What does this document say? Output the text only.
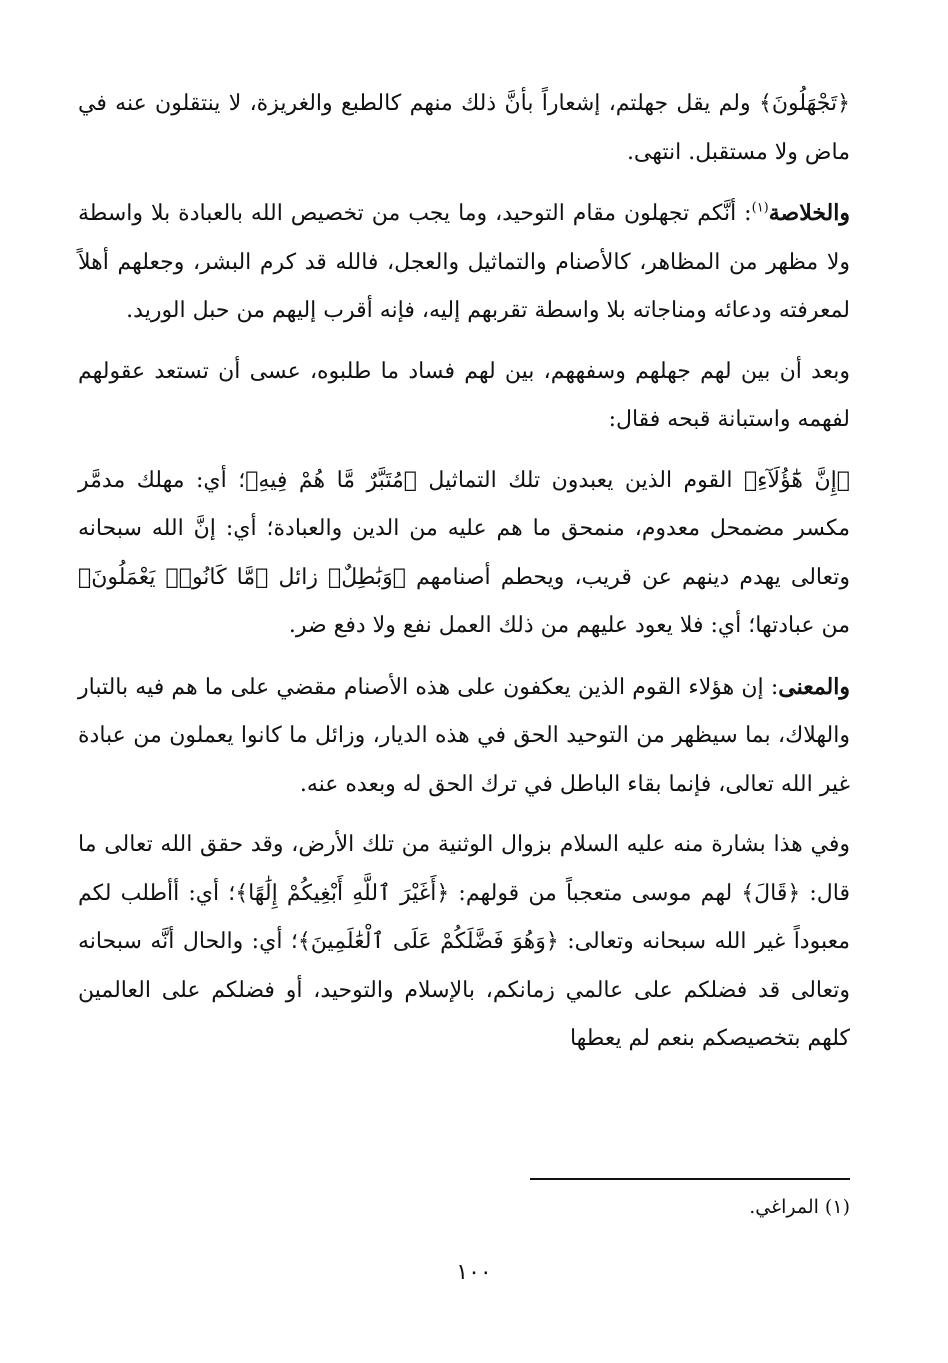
﴿تَجْهَلُونَ﴾ ولم يقل جهلتم، إشعاراً بأنَّ ذلك منهم كالطبع والغريزة، لا ينتقلون عنه في ماض ولا مستقبل. انتهى.

والخلاصة$^{(١)}$: أنَّكم تجهلون مقام التوحيد، وما يجب من تخصيص الله بالعبادة بلا واسطة ولا مظهر من المظاهر، كالأصنام والتماثيل والعجل، فالله قد كرم البشر، وجعلهم أهلاً لمعرفته ودعائه ومناجاته بلا واسطة تقربهم إليه، فإنه أقرب إليهم من حبل الوريد.

وبعد أن بين لهم جهلهم وسفههم، بين لهم فساد ما طلبوه، عسى أن تستعد عقولهم لفهمه واستبانة قبحه فقال:

﴿إِنَّ هَٰٓؤُلَآءِ﴾ القوم الذين يعبدون تلك التماثيل ﴿مُتَبَّرٌ مَّا هُمْ فِيهِ﴾؛ أي: مهلك مدمَّر مكسر مضمحل معدوم، منمحق ما هم عليه من الدين والعبادة؛ أي: إنَّ الله سبحانه وتعالى يهدم دينهم عن قريب، ويحطم أصنامهم ﴿وَبَٰطِلٌ﴾ زائل ﴿مَّا كَانُوا۟ يَعْمَلُونَ﴾ من عبادتها؛ أي: فلا يعود عليهم من ذلك العمل نفع ولا دفع ضر.

والمعنى: إن هؤلاء القوم الذين يعكفون على هذه الأصنام مقضي على ما هم فيه بالتبار والهلاك، بما سيظهر من التوحيد الحق في هذه الديار، وزائل ما كانوا يعملون من عبادة غير الله تعالى، فإنما بقاء الباطل في ترك الحق له وبعده عنه.

وفي هذا بشارة منه عليه السلام بزوال الوثنية من تلك الأرض، وقد حقق الله تعالى ما قال: ﴿قَالَ﴾ لهم موسى متعجباً من قولهم: ﴿أَغَيْرَ ٱللَّهِ أَبْغِيكُمْ إِلَٰهًا﴾؛ أي: أأطلب لكم معبوداً غير الله سبحانه وتعالى: ﴿وَهُوَ فَضَّلَكُمْ عَلَى ٱلْعَٰلَمِينَ﴾؛ أي: والحال أنَّه سبحانه وتعالى قد فضلكم على عالمي زمانكم، بالإسلام والتوحيد، أو فضلكم على العالمين كلهم بتخصيصكم بنعم لم يعطها

(١) المراغي.
١٠٠
